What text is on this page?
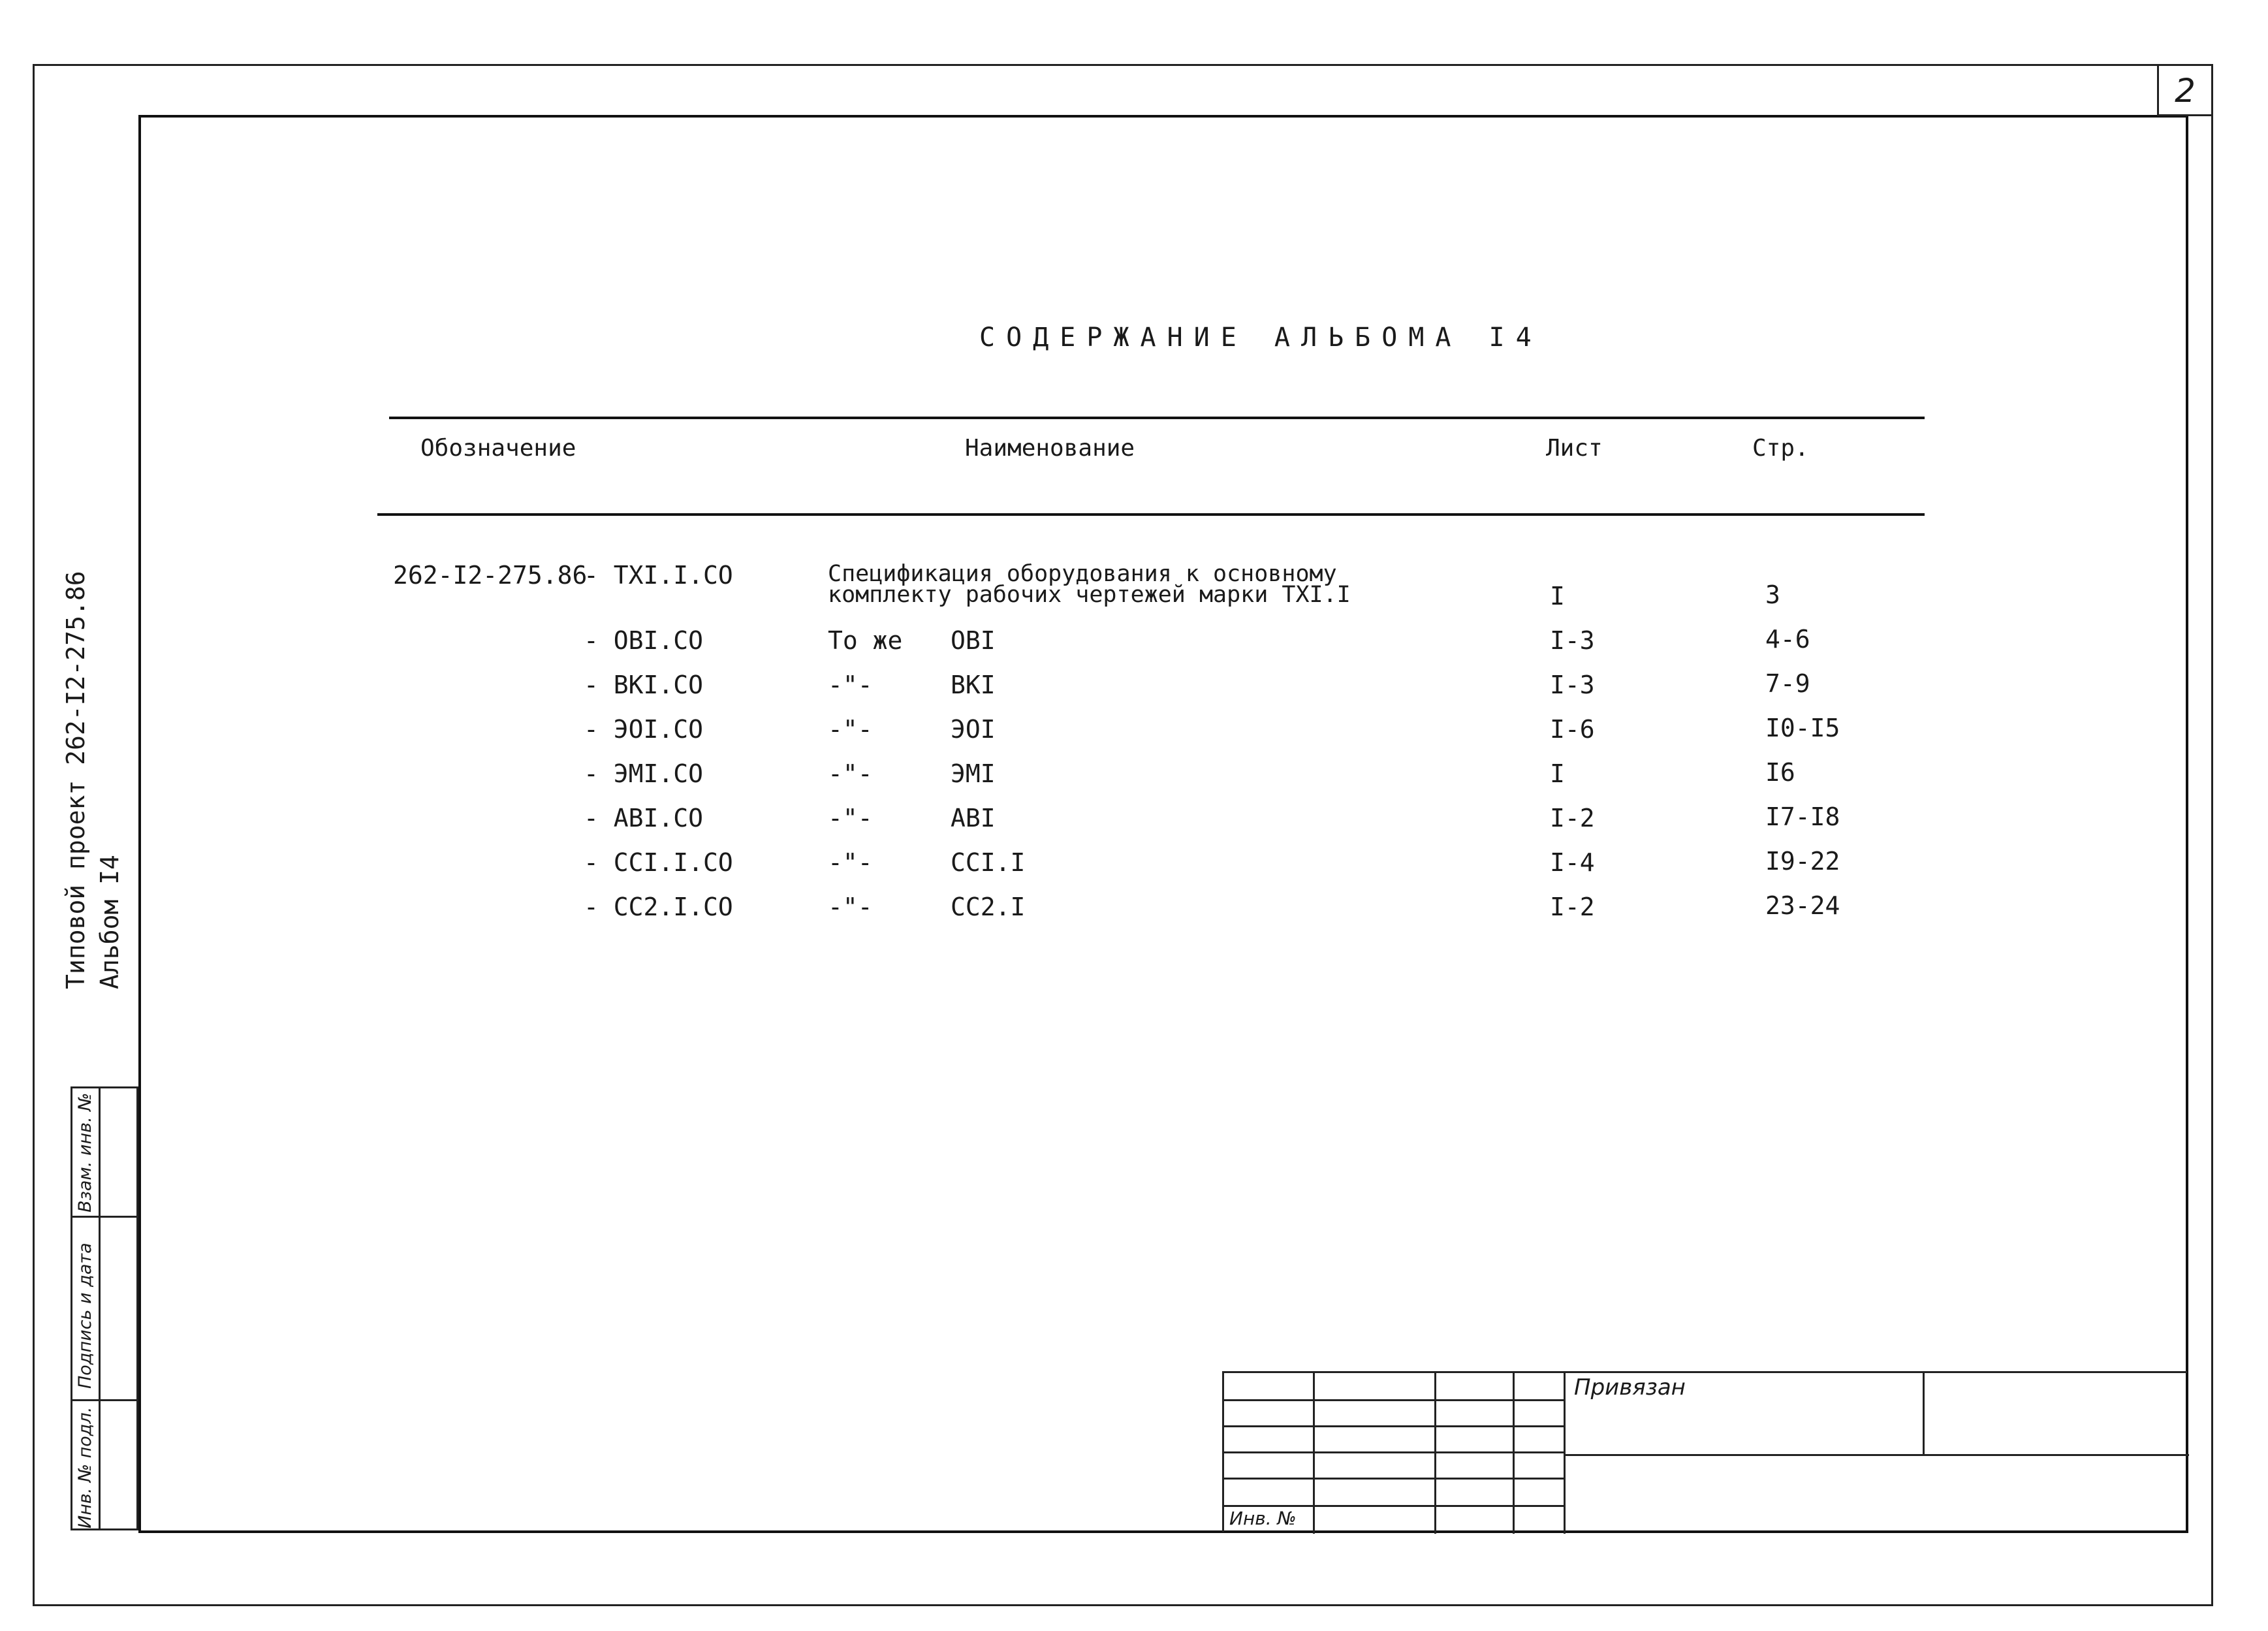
2
СОДЕРЖАНИЕ АЛЬБОМА I4
Обозначение	Наименование	Лист	Стр.
262-I2-275.86
- TXI.I.CO	Спецификация оборудования к основному
комплекту рабочих чертежей марки TXI.I	I	3
- OBI.CO	То же OBI	I-3	4-6
- BKI.CO	-"-	BKI	I-3	7-9
- ЭOI.CO	-"-	ЭOI	I-6	I0-I5
- ЭMI.CO	-"-	ЭMI	I	I6
- ABI.CO	-"-	ABI	I-2	I7-I8
- CCI.I.CO	-"-	CCI.I	I-4	I9-22
- CC2.I.CO	-"-	CC2.I	I-2	23-24
Типовой проект 262-I2-275.86 Альбом I4
Взам. инв. №
Подпись и дата
Инв. № подл.
Привязан
Инв. №
